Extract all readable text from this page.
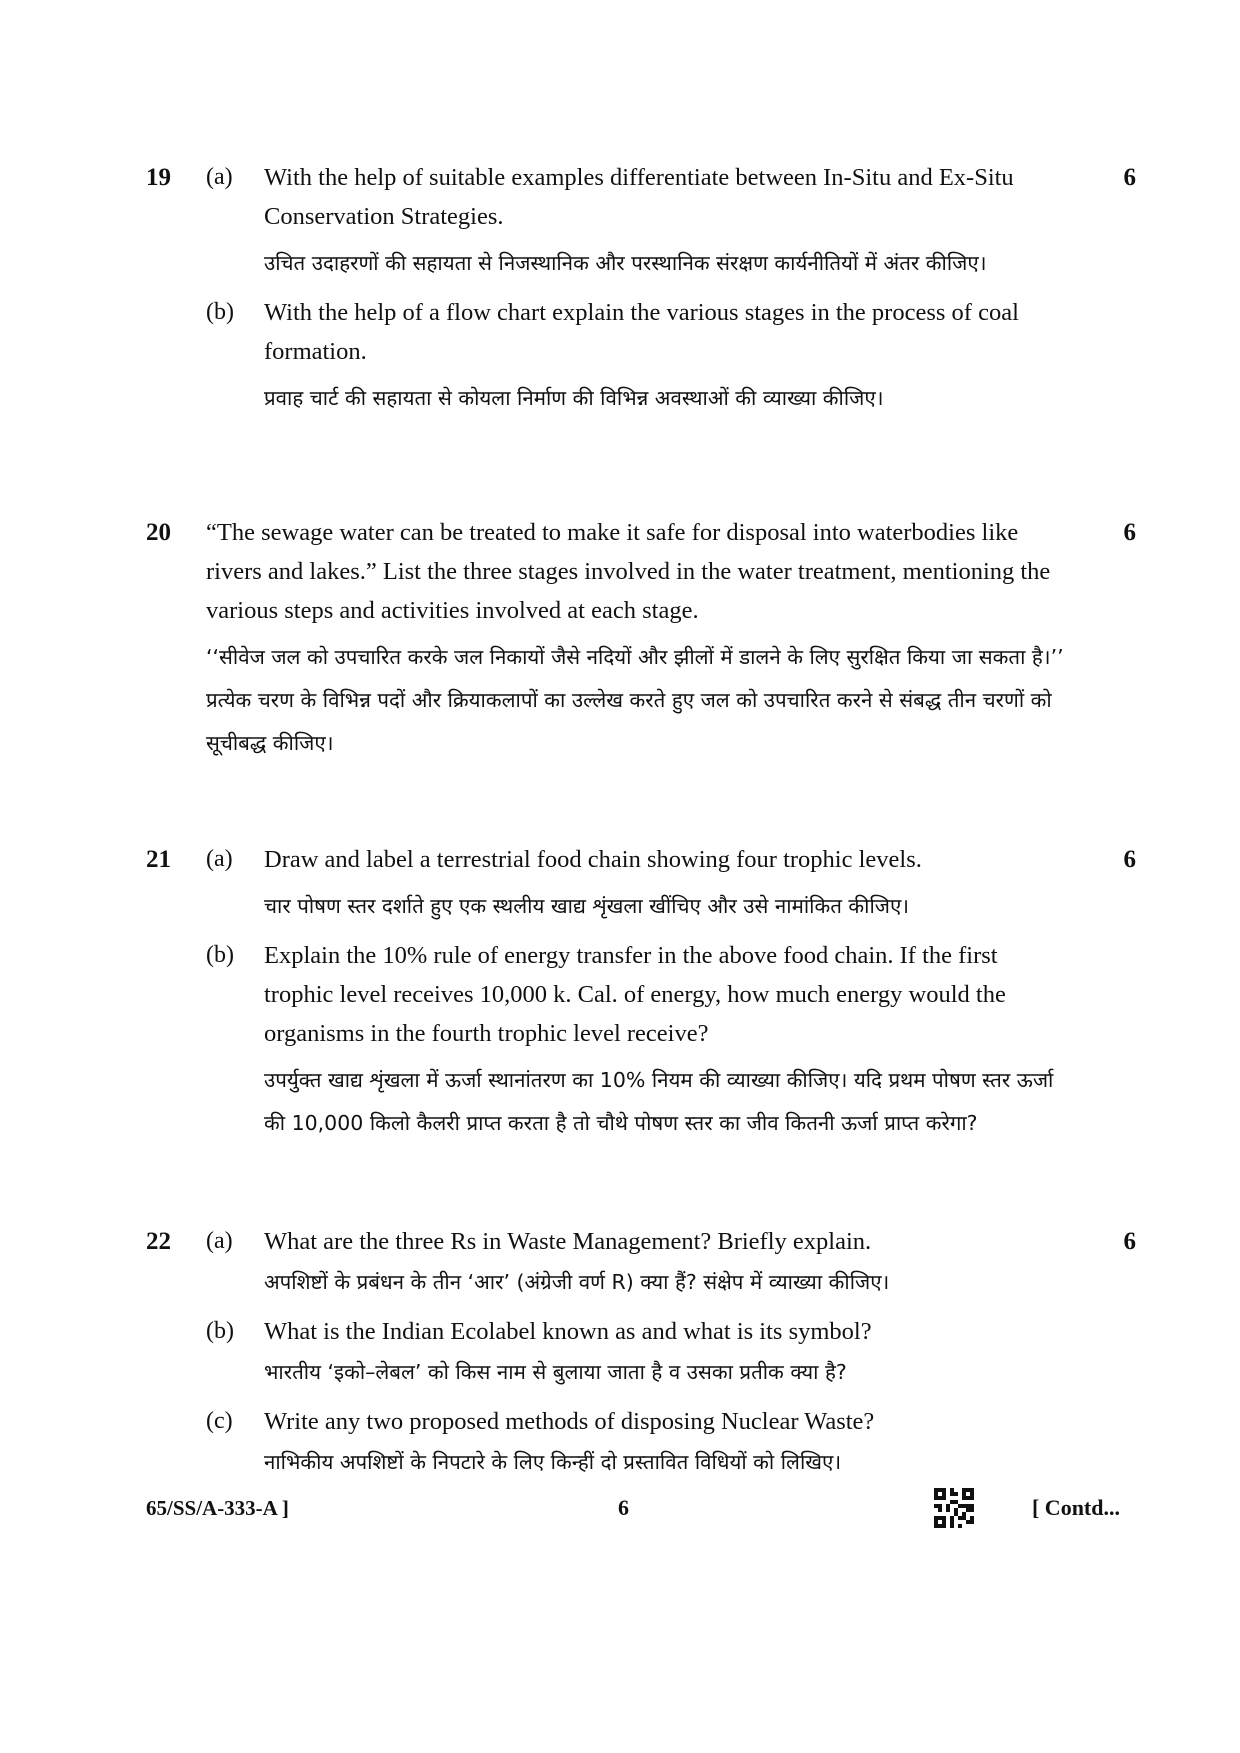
19	6
(a) With the help of suitable examples differentiate between In-Situ and Ex-Situ Conservation Strategies.
उचित उदाहरणों की सहायता से निजस्थानिक और परस्थानिक संरक्षण कार्यनीतियों में अंतर कीजिए।
(b) With the help of a flow chart explain the various stages in the process of coal formation.
प्रवाह चार्ट की सहायता से कोयला निर्माण की विभिन्न अवस्थाओं की व्याख्या कीजिए।
20	6
“The sewage water can be treated to make it safe for disposal into waterbodies like rivers and lakes.” List the three stages involved in the water treatment, mentioning the various steps and activities involved at each stage.
‘‘सीवेज जल को उपचारित करके जल निकायों जैसे नदियों और झीलों में डालने के लिए सुरक्षित किया जा सकता है।’’ प्रत्येक चरण के विभिन्न पदों और क्रियाकलापों का उल्लेख करते हुए जल को उपचारित करने से संबद्ध तीन चरणों को सूचीबद्ध कीजिए।
21	6
(a) Draw and label a terrestrial food chain showing four trophic levels.
चार पोषण स्तर दर्शाते हुए एक स्थलीय खाद्य शृंखला खींचिए और उसे नामांकित कीजिए।
(b) Explain the 10% rule of energy transfer in the above food chain. If the first trophic level receives 10,000 k. Cal. of energy, how much energy would the organisms in the fourth trophic level receive?
उपर्युक्त खाद्य शृंखला में ऊर्जा स्थानांतरण का 10% नियम की व्याख्या कीजिए। यदि प्रथम पोषण स्तर ऊर्जा की 10,000 किलो कैलरी प्राप्त करता है तो चौथे पोषण स्तर का जीव कितनी ऊर्जा प्राप्त करेगा?
22	6
(a) What are the three Rs in Waste Management? Briefly explain.
अपशिष्टों के प्रबंधन के तीन ‘आर’ (अंग्रेजी वर्ण R) क्या हैं? संक्षेप में व्याख्या कीजिए।
(b) What is the Indian Ecolabel known as and what is its symbol?
भारतीय ‘इको–लेबल’ को किस नाम से बुलाया जाता है व उसका प्रतीक क्या है?
(c) Write any two proposed methods of disposing Nuclear Waste?
नाभिकीय अपशिष्टों के निपटारे के लिए किन्हीं दो प्रस्तावित विधियों को लिखिए।
65/SS/A-333-A ]	6	[ Contd...
